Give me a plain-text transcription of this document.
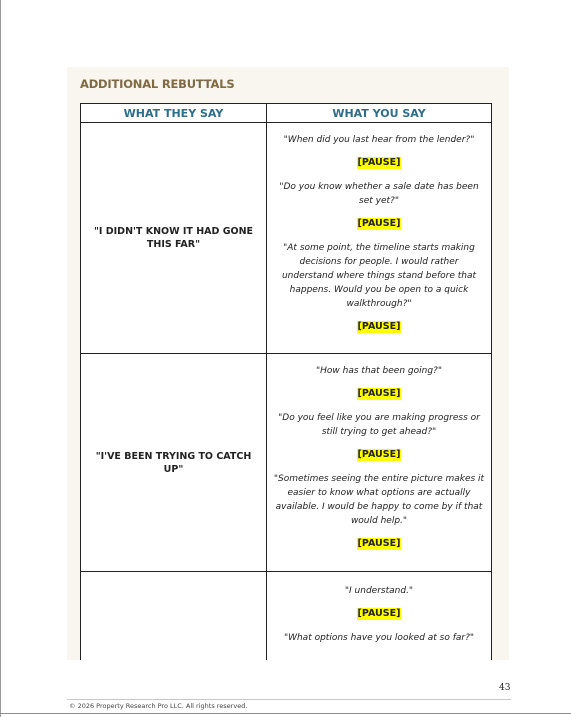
ADDITIONAL REBUTTALS
WHAT THEY SAY	WHAT YOU SAY
"I DIDN'T KNOW IT HAD GONE THIS FAR"
"When did you last hear from the lender?"
[PAUSE]
"Do you know whether a sale date has been set yet?"
[PAUSE]
"At some point, the timeline starts making decisions for people. I would rather understand where things stand before that happens. Would you be open to a quick walkthrough?"
[PAUSE]
"I'VE BEEN TRYING TO CATCH UP"
"How has that been going?"
[PAUSE]
"Do you feel like you are making progress or still trying to get ahead?"
[PAUSE]
"Sometimes seeing the entire picture makes it easier to know what options are actually available. I would be happy to come by if that would help."
[PAUSE]
"I understand."
[PAUSE]
"What options have you looked at so far?"
43
© 2026 Property Research Pro LLC. All rights reserved.
